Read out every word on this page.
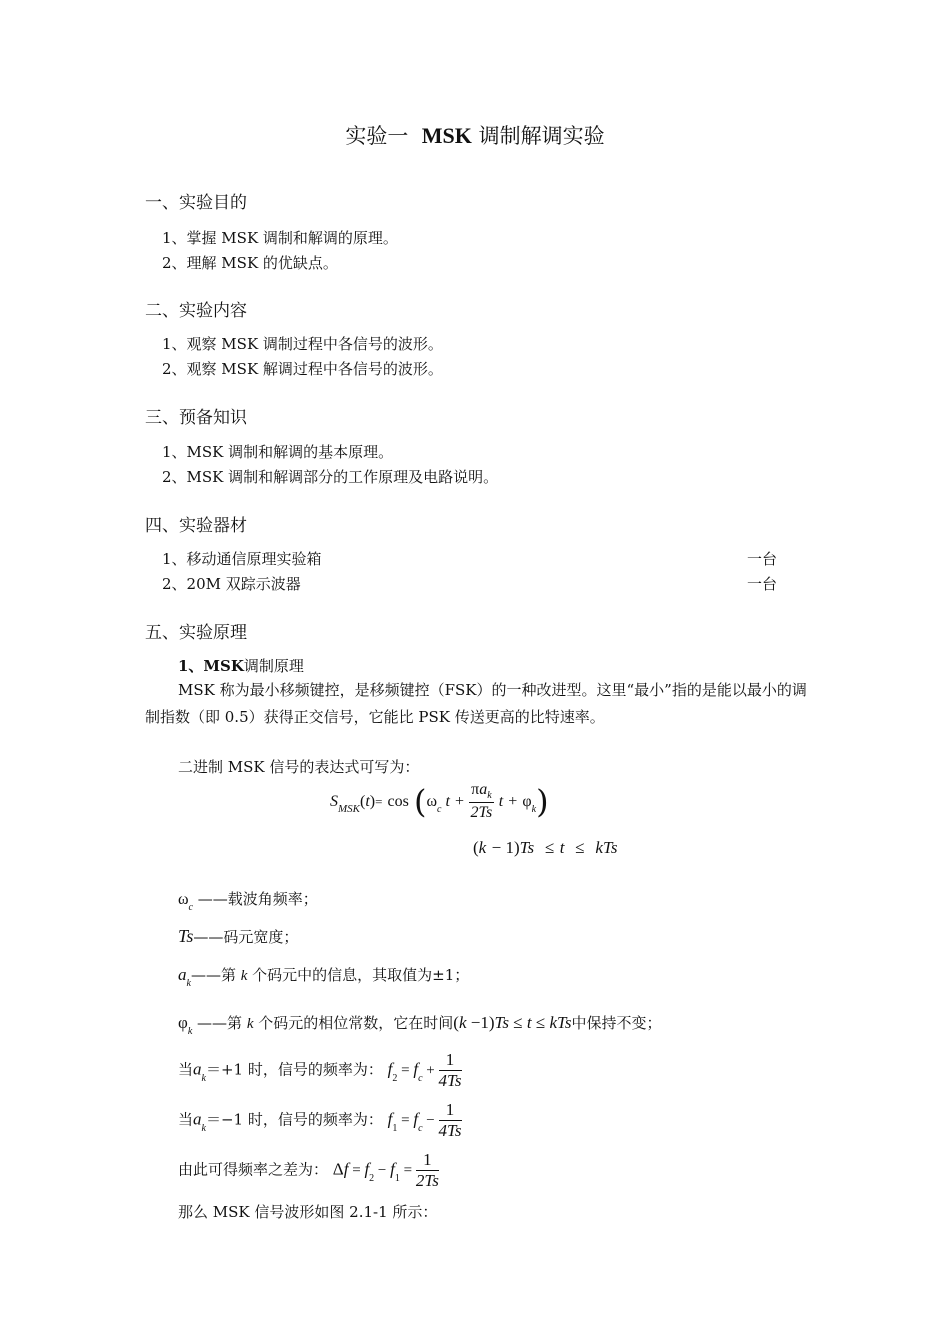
实验一 MSK 调制解调实验
一、实验目的
1、掌握 MSK 调制和解调的原理。
2、理解 MSK 的优缺点。
二、实验内容
1、观察 MSK 调制过程中各信号的波形。
2、观察 MSK 解调过程中各信号的波形。
三、预备知识
1、MSK 调制和解调的基本原理。
2、MSK 调制和解调部分的工作原理及电路说明。
四、实验器材
1、移动通信原理实验箱	一台
2、20M 双踪示波器	一台
五、实验原理
1、MSK调制原理
MSK 称为最小移频键控，是移频键控（FSK）的一种改进型。这里“最小”指的是能以最小的调制指数（即 0.5）获得正交信号，它能比 PSK 传送更高的比特速率。
二进制 MSK 信号的表达式可写为：
$S_{MSK}(t)= \cos (\omega_c$ $t + \frac{\pi a_k}{2Ts}$ $t + \varphi_k$)
(k − 1)Ts ≤ t ≤ kTs
$\omega_c$ ——载波角频率；
Ts——码元宽度；
$a_k——$第 k 个码元中的信息，其取值为±1；
$\varphi_k$ ——第 k 个码元的相位常数，它在时间(k −1)Ts ≤ t ≤ kTs中保持不变；
当$a_k=+1$ 时，信号的频率为： $f_2 = f_c + \frac{1}{4Ts}$
当$a_k=-1$ 时，信号的频率为： $f_1 = f_c - \frac{1}{4Ts}$
由此可得频率之差为： $\Delta f = f_2 - f_1 = \frac{1}{2Ts}$
那么 MSK 信号波形如图 2.1-1 所示：
